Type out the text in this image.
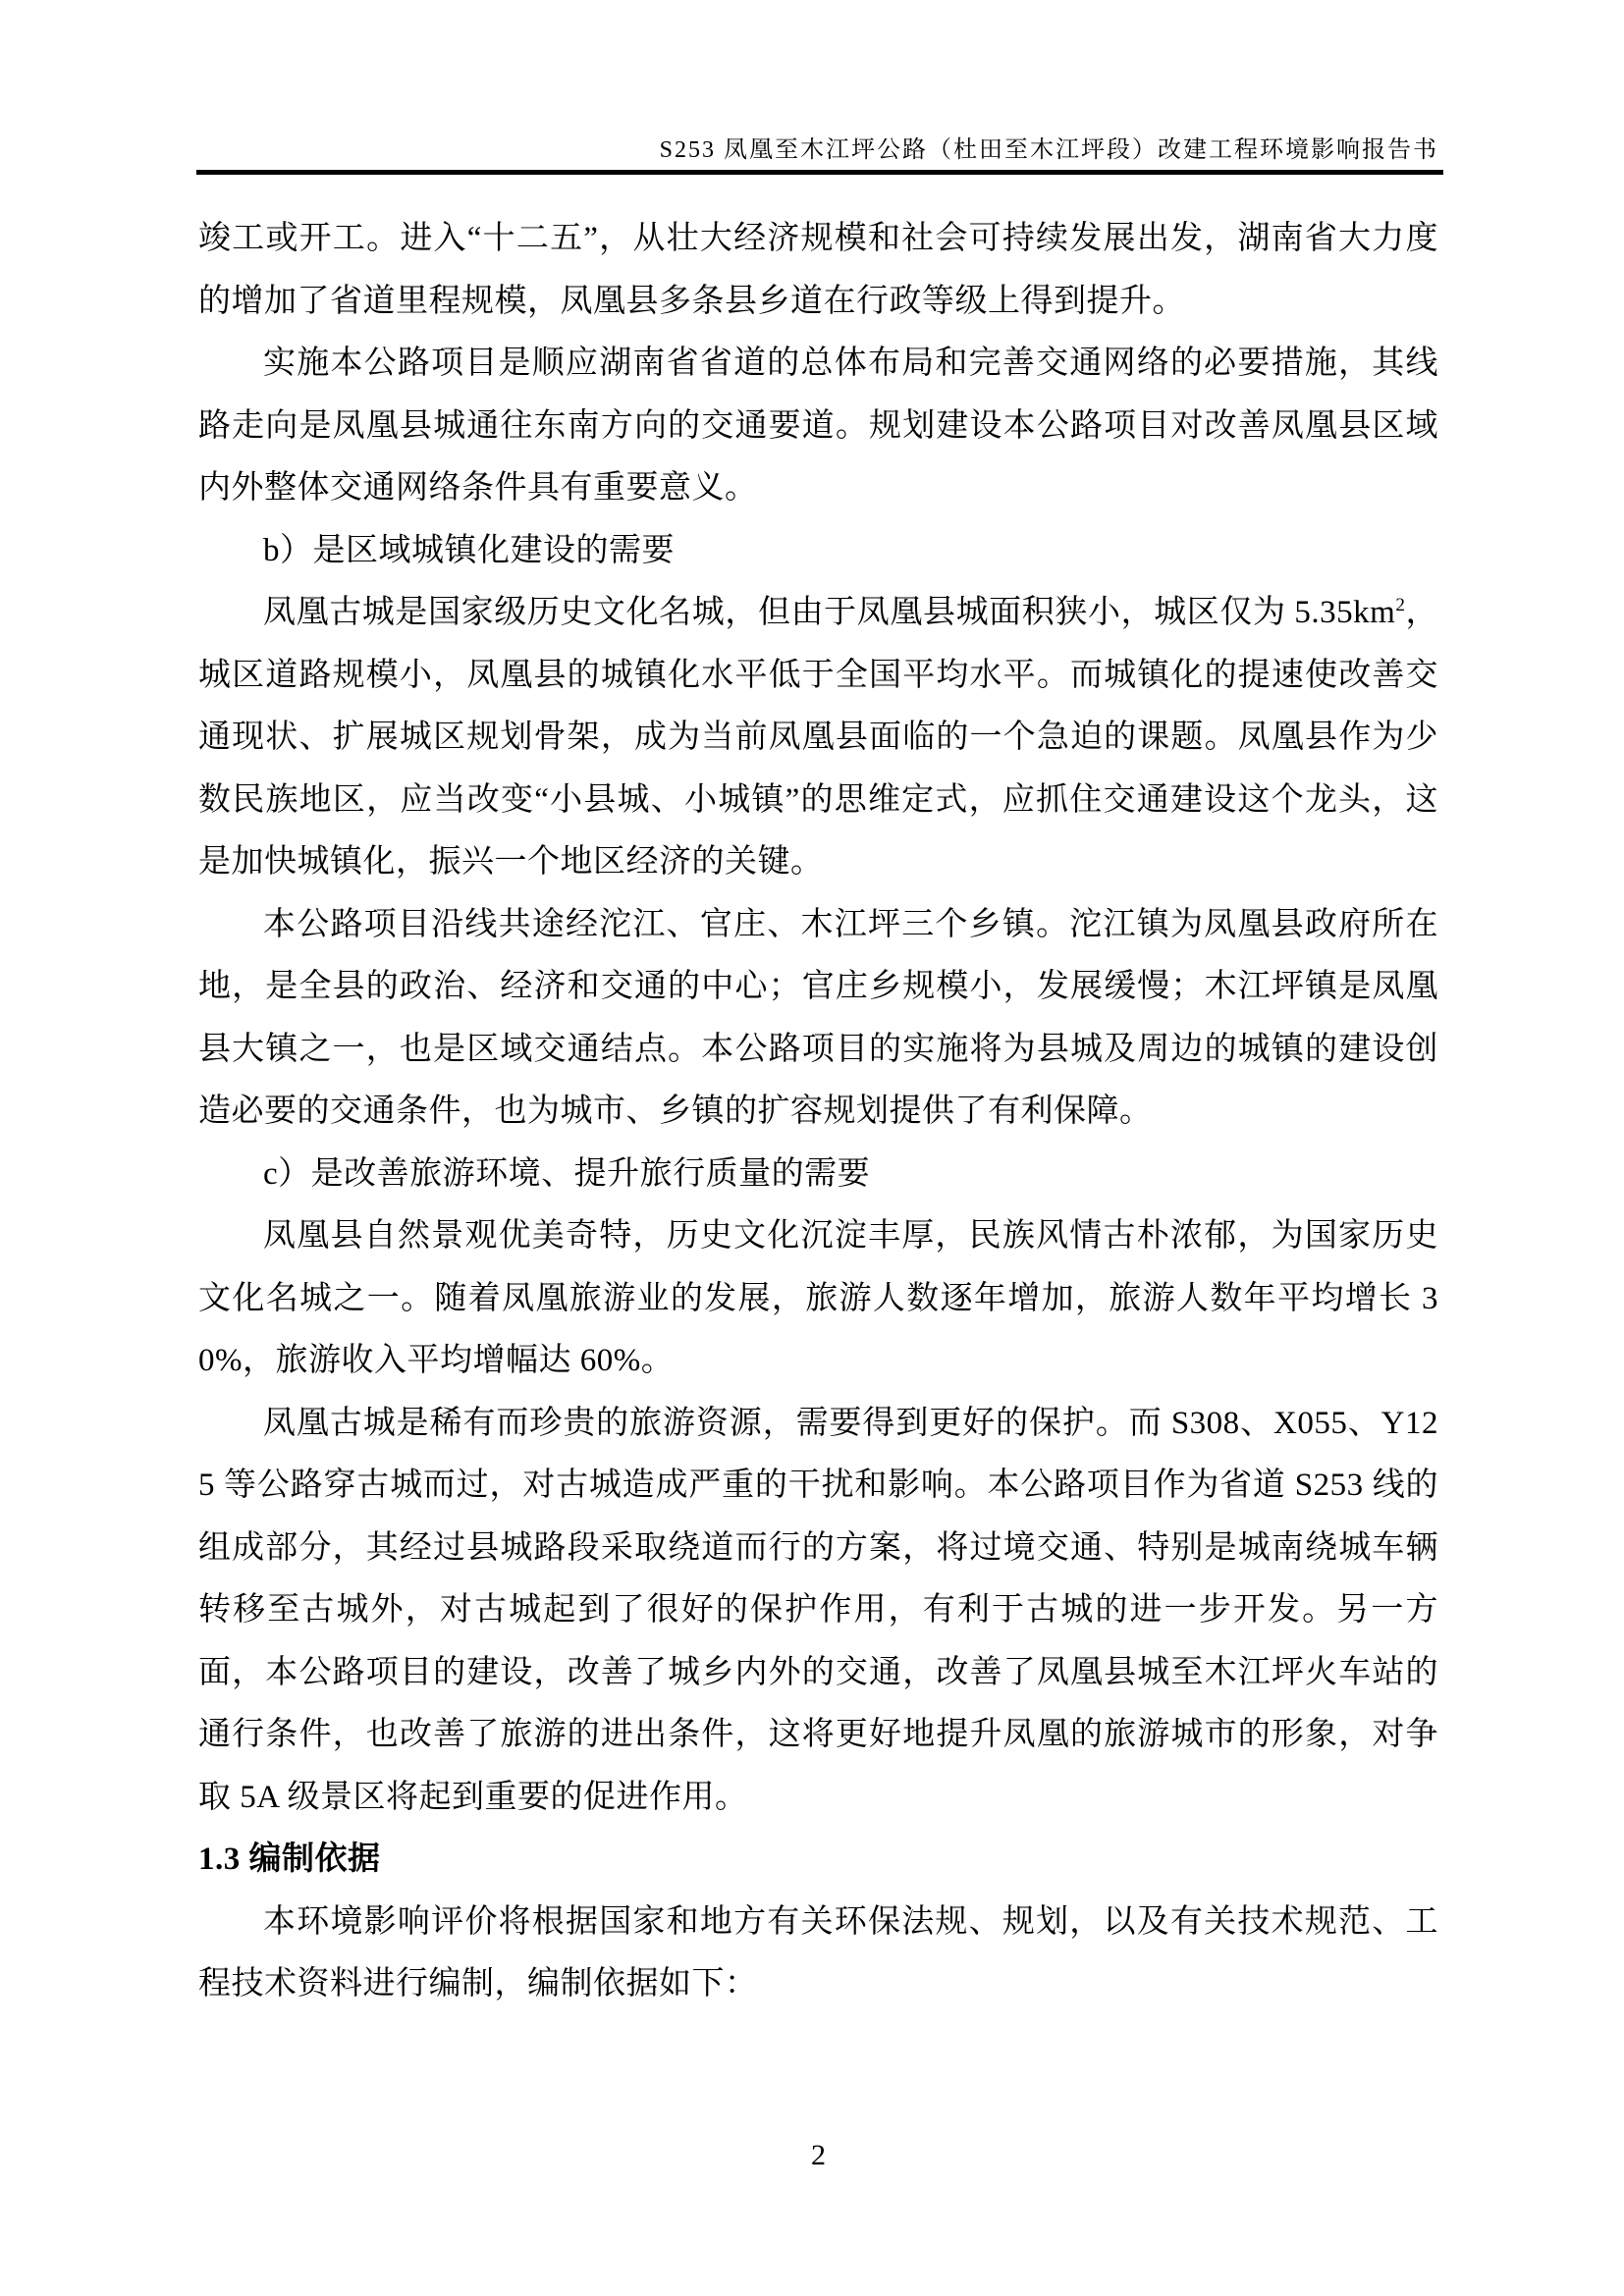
S253 凤凰至木江坪公路（杜田至木江坪段）改建工程环境影响报告书

竣工或开工。进入“十二五”，从壮大经济规模和社会可持续发展出发，湖南省大力度的增加了省道里程规模，凤凰县多条县乡道在行政等级上得到提升。

实施本公路项目是顺应湖南省省道的总体布局和完善交通网络的必要措施，其线路走向是凤凰县城通往东南方向的交通要道。规划建设本公路项目对改善凤凰县区域内外整体交通网络条件具有重要意义。

b）是区域城镇化建设的需要

凤凰古城是国家级历史文化名城，但由于凤凰县城面积狭小，城区仅为 $5.35km^2$，城区道路规模小，凤凰县的城镇化水平低于全国平均水平。而城镇化的提速使改善交通现状、扩展城区规划骨架，成为当前凤凰县面临的一个急迫的课题。凤凰县作为少数民族地区，应当改变“小县城、小城镇”的思维定式，应抓住交通建设这个龙头，这是加快城镇化，振兴一个地区经济的关键。

本公路项目沿线共途经沱江、官庄、木江坪三个乡镇。沱江镇为凤凰县政府所在地，是全县的政治、经济和交通的中心；官庄乡规模小，发展缓慢；木江坪镇是凤凰县大镇之一，也是区域交通结点。本公路项目的实施将为县城及周边的城镇的建设创造必要的交通条件，也为城市、乡镇的扩容规划提供了有利保障。

c）是改善旅游环境、提升旅行质量的需要

凤凰县自然景观优美奇特，历史文化沉淀丰厚，民族风情古朴浓郁，为国家历史文化名城之一。随着凤凰旅游业的发展，旅游人数逐年增加，旅游人数年平均增长 30%，旅游收入平均增幅达 60%。

凤凰古城是稀有而珍贵的旅游资源，需要得到更好的保护。而 S308、X055、Y125 等公路穿古城而过，对古城造成严重的干扰和影响。本公路项目作为省道 S253 线的组成部分，其经过县城路段采取绕道而行的方案，将过境交通、特别是城南绕城车辆转移至古城外，对古城起到了很好的保护作用，有利于古城的进一步开发。另一方面，本公路项目的建设，改善了城乡内外的交通，改善了凤凰县城至木江坪火车站的通行条件，也改善了旅游的进出条件，这将更好地提升凤凰的旅游城市的形象，对争取 5A 级景区将起到重要的促进作用。

1.3 编制依据

本环境影响评价将根据国家和地方有关环保法规、规划，以及有关技术规范、工程技术资料进行编制，编制依据如下：

2
